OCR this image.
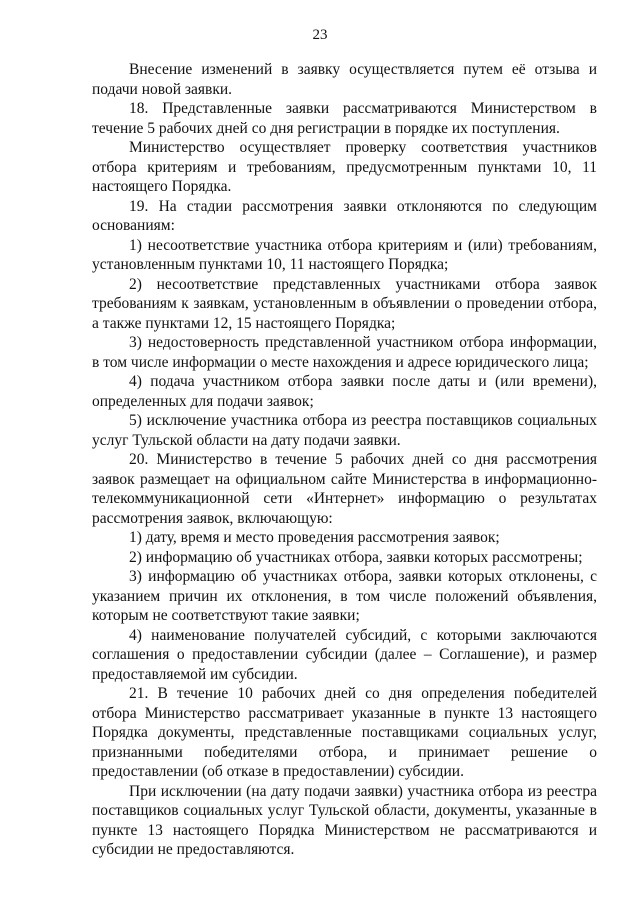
23

Внесение изменений в заявку осуществляется путем её отзыва и подачи новой заявки.

18. Представленные заявки рассматриваются Министерством в течение 5 рабочих дней со дня регистрации в порядке их поступления.

Министерство осуществляет проверку соответствия участников отбора критериям и требованиям, предусмотренным пунктами 10, 11 настоящего Порядка.

19. На стадии рассмотрения заявки отклоняются по следующим основаниям:

1) несоответствие участника отбора критериям и (или) требованиям, установленным пунктами 10, 11 настоящего Порядка;

2) несоответствие представленных участниками отбора заявок требованиям к заявкам, установленным в объявлении о проведении отбора, а также пунктами 12, 15 настоящего Порядка;

3) недостоверность представленной участником отбора информации, в том числе информации о месте нахождения и адресе юридического лица;

4) подача участником отбора заявки после даты и (или времени), определенных для подачи заявок;

5) исключение участника отбора из реестра поставщиков социальных услуг Тульской области на дату подачи заявки.

20. Министерство в течение 5 рабочих дней со дня рассмотрения заявок размещает на официальном сайте Министерства в информационно-телекоммуникационной сети «Интернет» информацию о результатах рассмотрения заявок, включающую:

1) дату, время и место проведения рассмотрения заявок;

2) информацию об участниках отбора, заявки которых рассмотрены;

3) информацию об участниках отбора, заявки которых отклонены, с указанием причин их отклонения, в том числе положений объявления, которым не соответствуют такие заявки;

4) наименование получателей субсидий, с которыми заключаются соглашения о предоставлении субсидии (далее – Соглашение), и размер предоставляемой им субсидии.

21. В течение 10 рабочих дней со дня определения победителей отбора Министерство рассматривает указанные в пункте 13 настоящего Порядка документы, представленные поставщиками социальных услуг, признанными победителями отбора, и принимает решение о предоставлении (об отказе в предоставлении) субсидии.

При исключении (на дату подачи заявки) участника отбора из реестра поставщиков социальных услуг Тульской области, документы, указанные в пункте 13 настоящего Порядка Министерством не рассматриваются и субсидии не предоставляются.
